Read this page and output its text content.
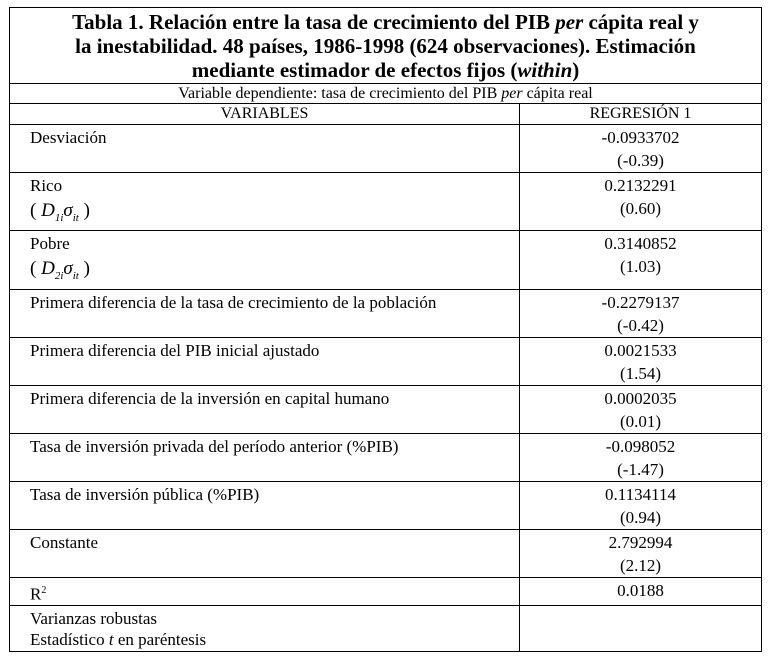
Tabla 1. Relación entre la tasa de crecimiento del PIB per cápita real y
la inestabilidad. 48 países, 1986-1998 (624 observaciones). Estimación
mediante estimador de efectos fijos (within)	
Variable dependiente: tasa de crecimiento del PIB per cápita real	
VARIABLES	REGRESIÓN 1
Desviación	-0.0933702
(-0.39)
Rico
( $D_{1i}\sigma_{it}$ )	0.2132291
(0.60)
Pobre
( $D_{2i}\sigma_{it}$ )	0.3140852
(1.03)
Primera diferencia de la tasa de crecimiento de la población	-0.2279137
(-0.42)
Primera diferencia del PIB inicial ajustado	0.0021533
(1.54)
Primera diferencia de la inversión en capital humano	0.0002035
(0.01)
Tasa de inversión privada del período anterior (%PIB)	-0.098052
(-1.47)
Tasa de inversión pública (%PIB)	0.1134114
(0.94)
Constante	2.792994
(2.12)
$R^2$	0.0188
Varianzas robustas
Estadístico t en paréntesis	
